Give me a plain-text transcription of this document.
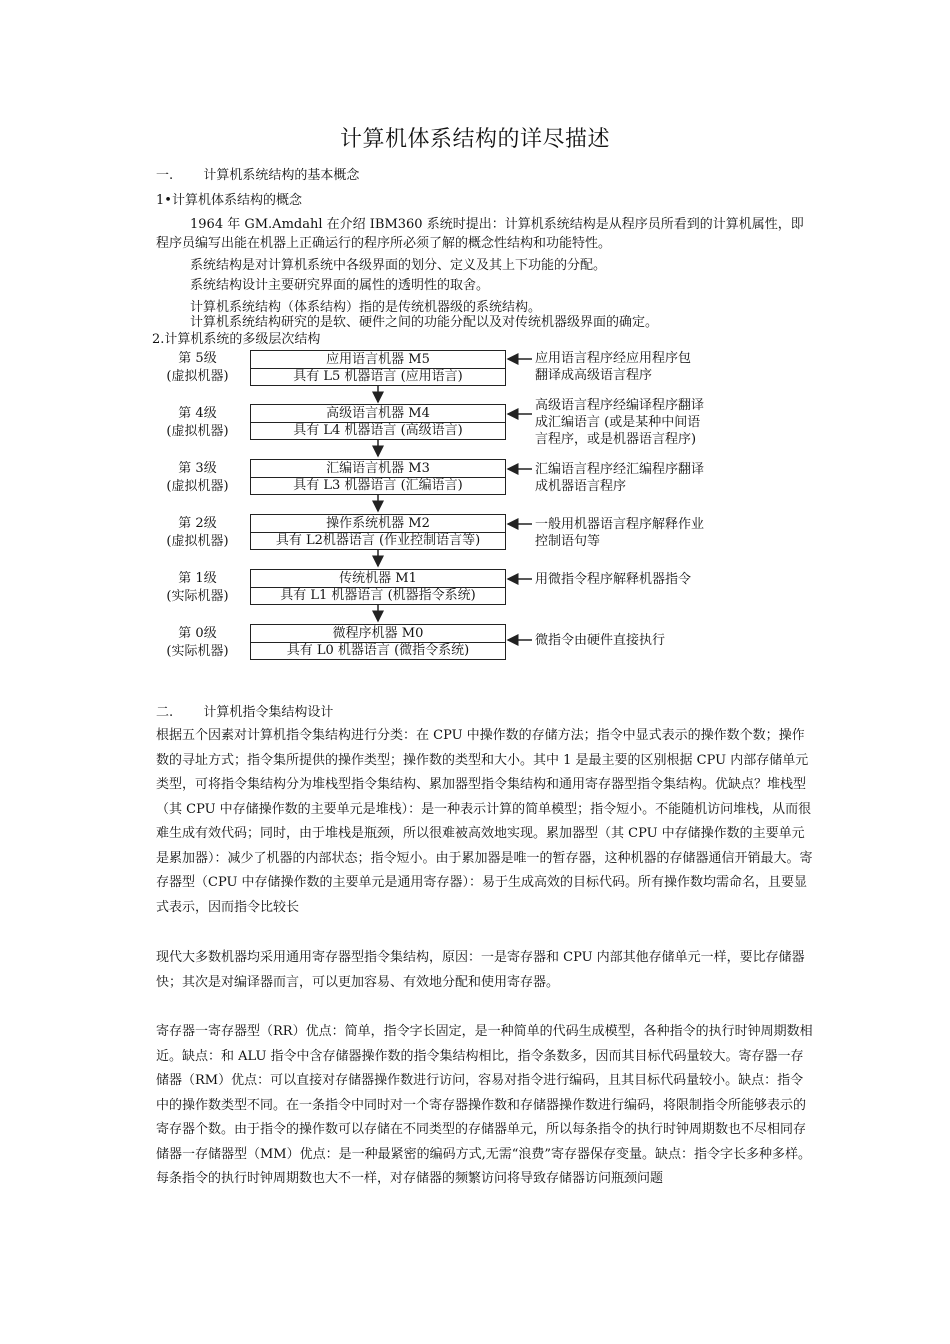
计算机体系结构的详尽描述
一. 计算机系统结构的基本概念
1•计算机体系结构的概念
1964 年 GM.Amdahl 在介绍 IBM360 系统时提出：计算机系统结构是从程序员所看到的计算机属性，即
程序员编写出能在机器上正确运行的程序所必须了解的概念性结构和功能特性。
系统结构是对计算机系统中各级界面的划分、定义及其上下功能的分配。
系统结构设计主要研究界面的属性的透明性的取舍。
计算机系统结构（体系结构）指的是传统机器级的系统结构。
计算机系统结构研究的是软、硬件之间的功能分配以及对传统机器级界面的确定。
2.计算机系统的多级层次结构
第 5级
(虚拟机器)
应用语言机器 M5
具有 L5 机器语言 (应用语言)
应用语言程序经应用程序包
翻译成高级语言程序
第 4级
(虚拟机器)
高级语言机器 M4
具有 L4 机器语言 (高级语言)
高级语言程序经编译程序翻译
成汇编语言 (或是某种中间语
言程序，或是机器语言程序)
第 3级
(虚拟机器)
汇编语言机器 M3
具有 L3 机器语言 (汇编语言)
汇编语言程序经汇编程序翻译
成机器语言程序
第 2级
(虚拟机器)
操作系统机器 M2
具有 L2机器语言 (作业控制语言等)
一般用机器语言程序解释作业
控制语句等
第 1级
(实际机器)
传统机器 M1
具有 L1 机器语言 (机器指令系统)
用微指令程序解释机器指令
第 0级
(实际机器)
微程序机器 M0
具有 L0 机器语言 (微指令系统)
微指令由硬件直接执行
二. 计算机指令集结构设计
根据五个因素对计算机指令集结构进行分类：在 CPU 中操作数的存储方法；指令中显式表示的操作数个数；操作数的寻址方式；指令集所提供的操作类型；操作数的类型和大小。其中 1 是最主要的区别根据 CPU 内部存储单元类型，可将指令集结构分为堆栈型指令集结构、累加器型指令集结构和通用寄存器型指令集结构。优缺点？堆栈型（其 CPU 中存储操作数的主要单元是堆栈）：是一种表示计算的简单模型；指令短小。不能随机访问堆栈，从而很难生成有效代码；同时，由于堆栈是瓶颈，所以很难被高效地实现。累加器型（其 CPU 中存储操作数的主要单元是累加器）：减少了机器的内部状态；指令短小。由于累加器是唯一的暂存器，这种机器的存储器通信开销最大。寄存器型（CPU 中存储操作数的主要单元是通用寄存器）：易于生成高效的目标代码。所有操作数均需命名，且要显式表示，因而指令比较长
现代大多数机器均采用通用寄存器型指令集结构，原因：一是寄存器和 CPU 内部其他存储单元一样，要比存储器快；其次是对编译器而言，可以更加容易、有效地分配和使用寄存器。
寄存器一寄存器型（RR）优点：简单，指令字长固定，是一种简单的代码生成模型，各种指令的执行时钟周期数相近。缺点：和 ALU 指令中含存储器操作数的指令集结构相比，指令条数多，因而其目标代码量较大。寄存器一存储器（RM）优点：可以直接对存储器操作数进行访问，容易对指令进行编码，且其目标代码量较小。缺点：指令中的操作数类型不同。在一条指令中同时对一个寄存器操作数和存储器操作数进行编码，将限制指令所能够表示的寄存器个数。由于指令的操作数可以存储在不同类型的存储器单元，所以每条指令的执行时钟周期数也不尽相同存储器一存储器型（MM）优点：是一种最紧密的编码方式,无需“浪费”寄存器保存变量。缺点：指令字长多种多样。每条指令的执行时钟周期数也大不一样，对存储器的频繁访问将导致存储器访问瓶颈问题
